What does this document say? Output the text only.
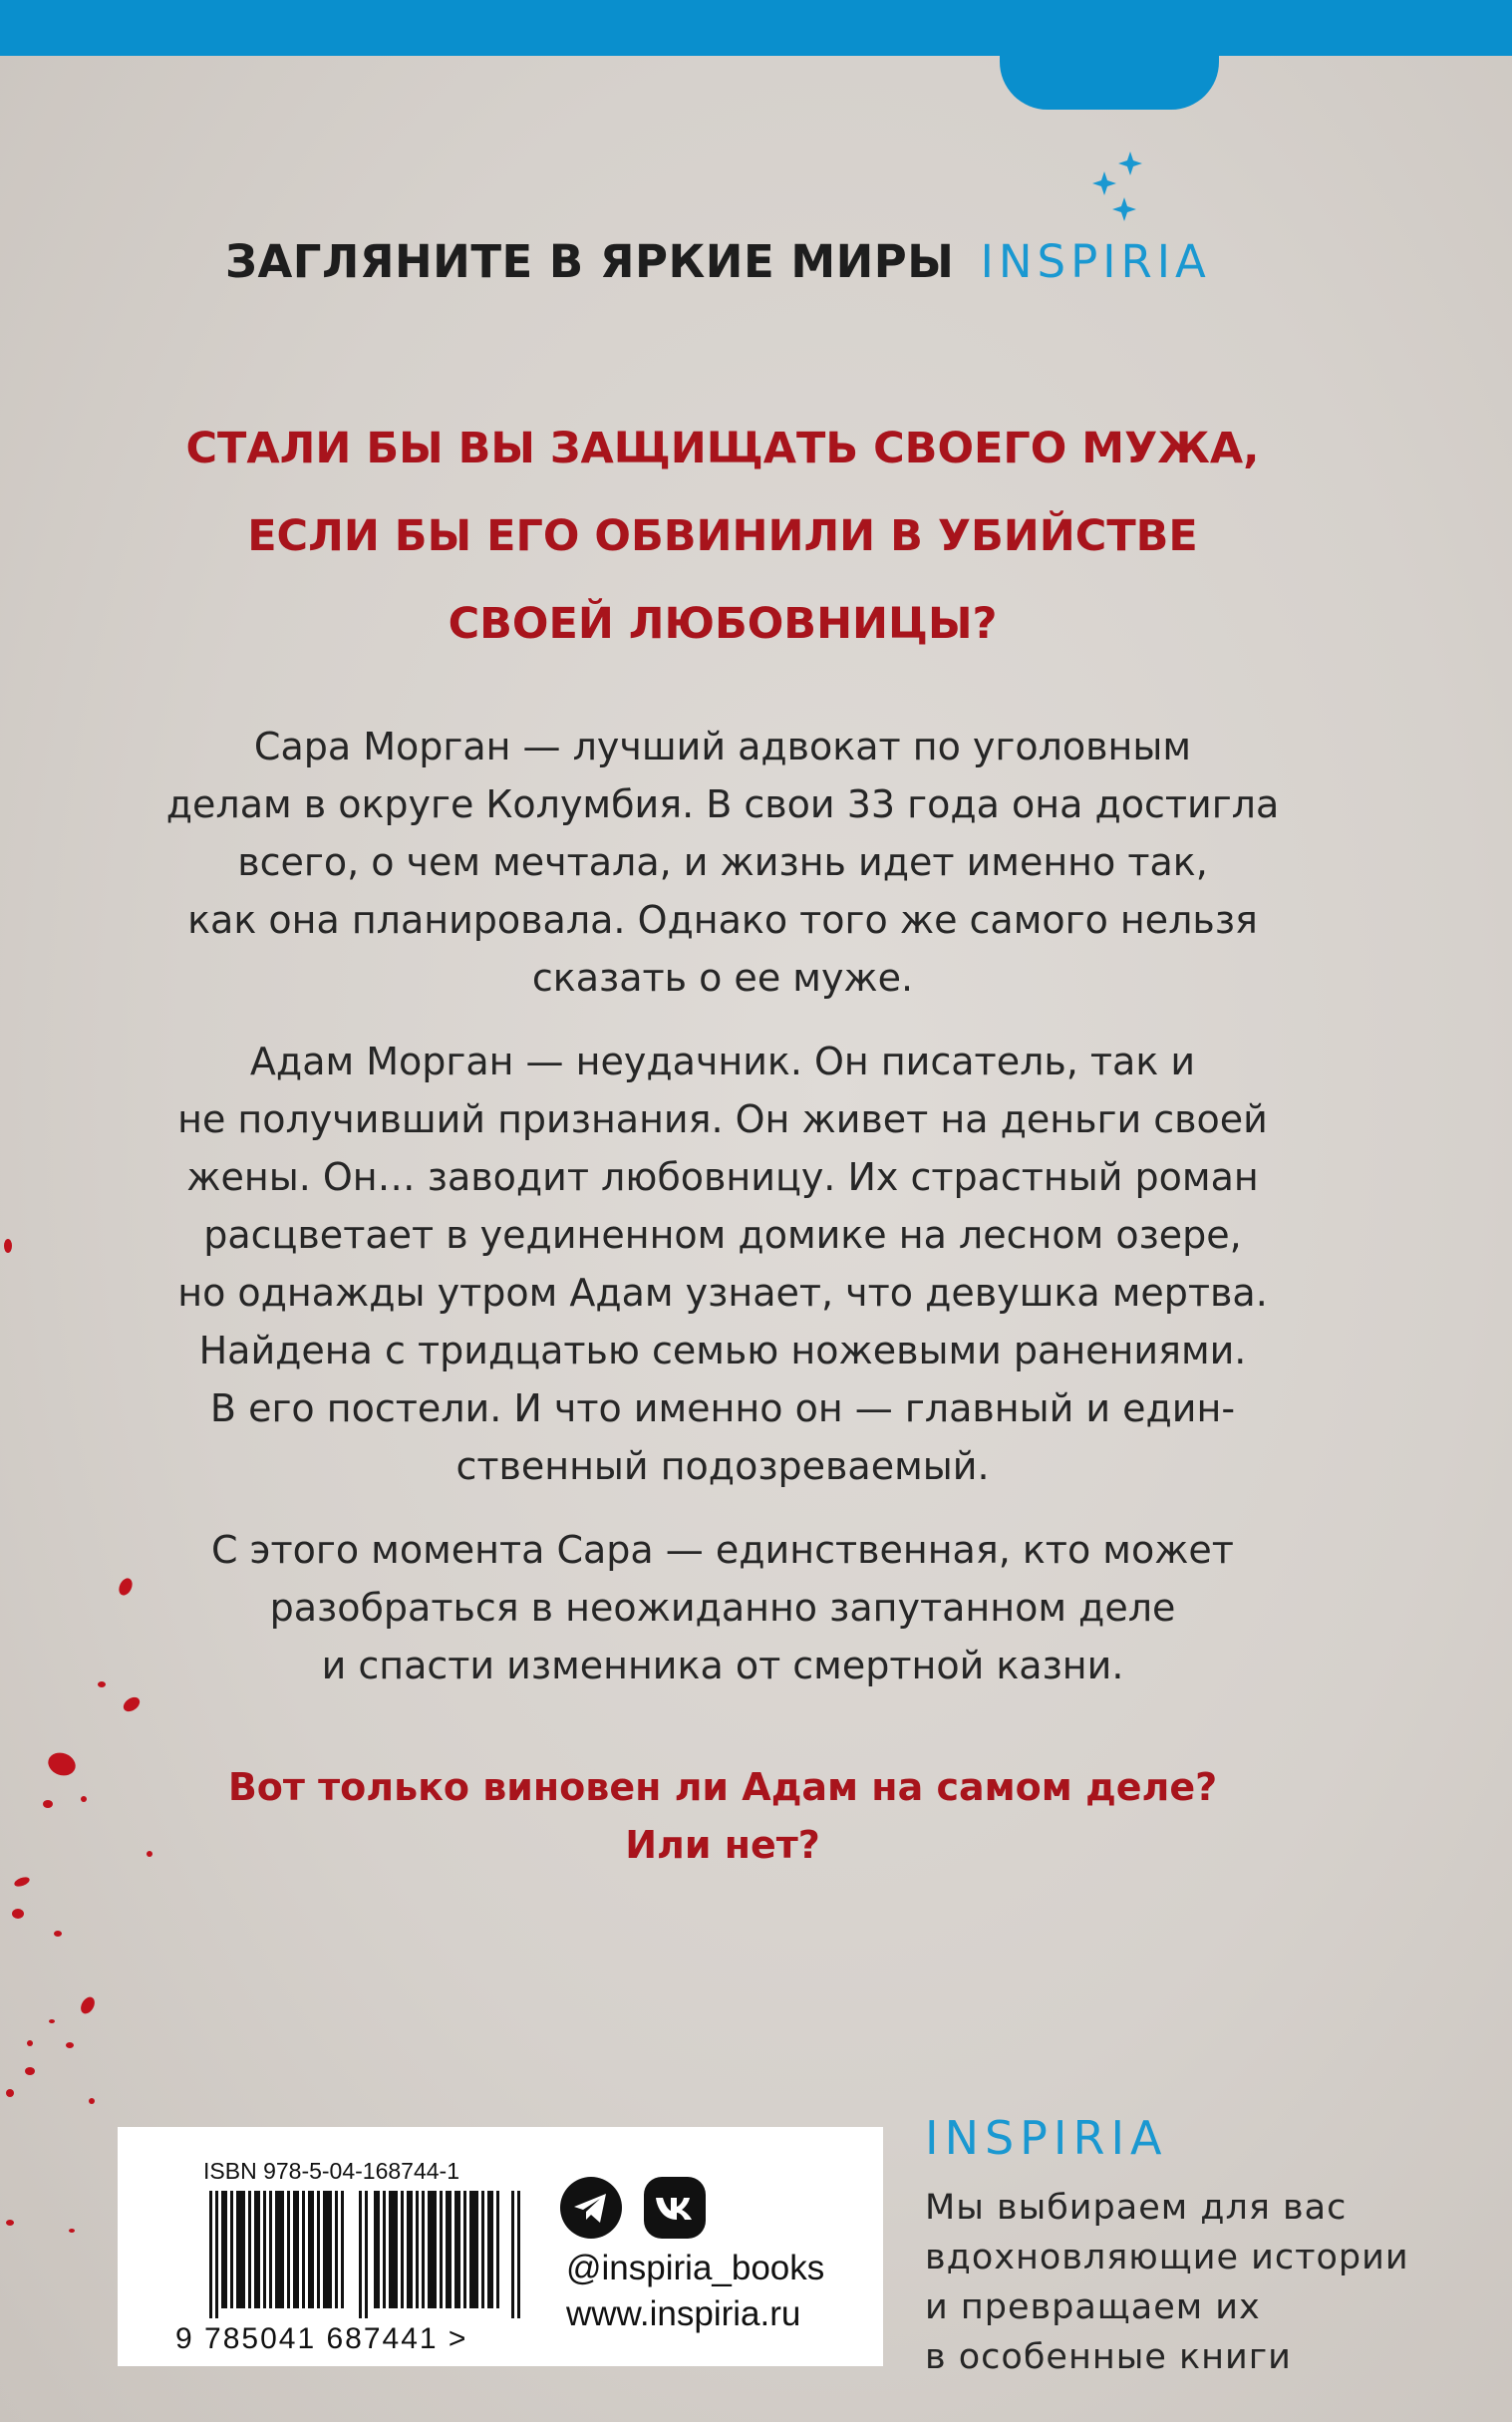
ЗАГЛЯНИТЕ В ЯРКИЕ МИРЫ INSPIRIA
СТАЛИ БЫ ВЫ ЗАЩИЩАТЬ СВОЕГО МУЖА,
ЕСЛИ БЫ ЕГО ОБВИНИЛИ В УБИЙСТВЕ
СВОЕЙ ЛЮБОВНИЦЫ?

Сара Морган — лучший адвокат по уголовным
делам в округе Колумбия. В свои 33 года она достигла
всего, о чем мечтала, и жизнь идет именно так,
как она планировала. Однако того же самого нельзя
сказать о ее муже.

Адам Морган — неудачник. Он писатель, так и
не получивший признания. Он живет на деньги своей
жены. Он… заводит любовницу. Их страстный роман
расцветает в уединенном домике на лесном озере,
но однажды утром Адам узнает, что девушка мертва.
Найдена с тридцатью семью ножевыми ранениями.
В его постели. И что именно он — главный и един-
ственный подозреваемый.

С этого момента Сара — единственная, кто может
разобраться в неожиданно запутанном деле
и спасти изменника от смертной казни.

Вот только виновен ли Адам на самом деле?

Или нет?

ISBN 978-5-04-168744-1
9 785041 687441 >
@inspiria_books
www.inspiria.ru
INSPIRIA
Мы выбираем для вас
вдохновляющие истории
и превращаем их
в особенные книги
